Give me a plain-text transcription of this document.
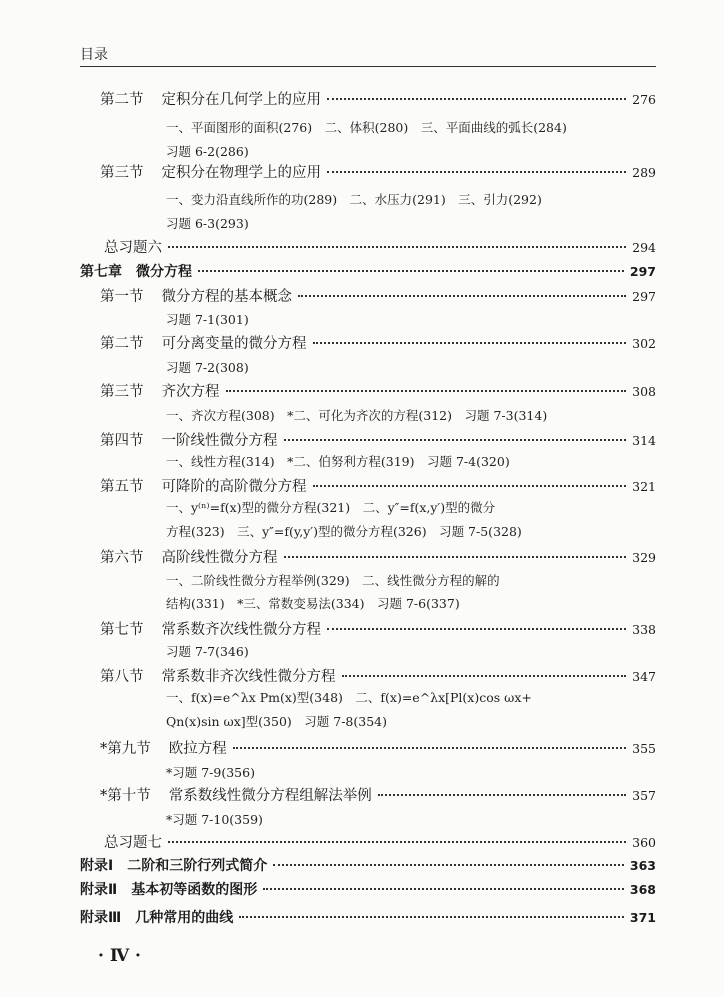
目录
第二节	定积分在几何学上的应用	276
一、平面图形的面积(276)　二、体积(280)　三、平面曲线的弧长(284)
习题 6-2(286)
第三节	定积分在物理学上的应用	289
一、变力沿直线所作的功(289)　二、水压力(291)　三、引力(292)
习题 6-3(293)
总习题六	294
第七章	微分方程	297
第一节	微分方程的基本概念	297
习题 7-1(301)
第二节	可分离变量的微分方程	302
习题 7-2(308)
第三节	齐次方程	308
一、齐次方程(308)　*二、可化为齐次的方程(312)　习题 7-3(314)
第四节	一阶线性微分方程	314
一、线性方程(314)　*二、伯努利方程(319)　习题 7-4(320)
第五节	可降阶的高阶微分方程	321
一、y⁽ⁿ⁾=f(x)型的微分方程(321)　二、y″=f(x,y′)型的微分
方程(323)　三、y″=f(y,y′)型的微分方程(326)　习题 7-5(328)
第六节	高阶线性微分方程	329
一、二阶线性微分方程举例(329)　二、线性微分方程的解的
结构(331)　*三、常数变易法(334)　习题 7-6(337)
第七节	常系数齐次线性微分方程	338
习题 7-7(346)
第八节	常系数非齐次线性微分方程	347
一、f(x)=e^λx Pm(x)型(348)　二、f(x)=e^λx[Pl(x)cos ωx+
Qn(x)sin ωx]型(350)　习题 7-8(354)
*第九节	欧拉方程	355
*习题 7-9(356)
*第十节	常系数线性微分方程组解法举例	357
*习题 7-10(359)
总习题七	360
附录Ⅰ	二阶和三阶行列式简介	363
附录Ⅱ	基本初等函数的图形	368
附录Ⅲ	几种常用的曲线	371
· Ⅳ ·
